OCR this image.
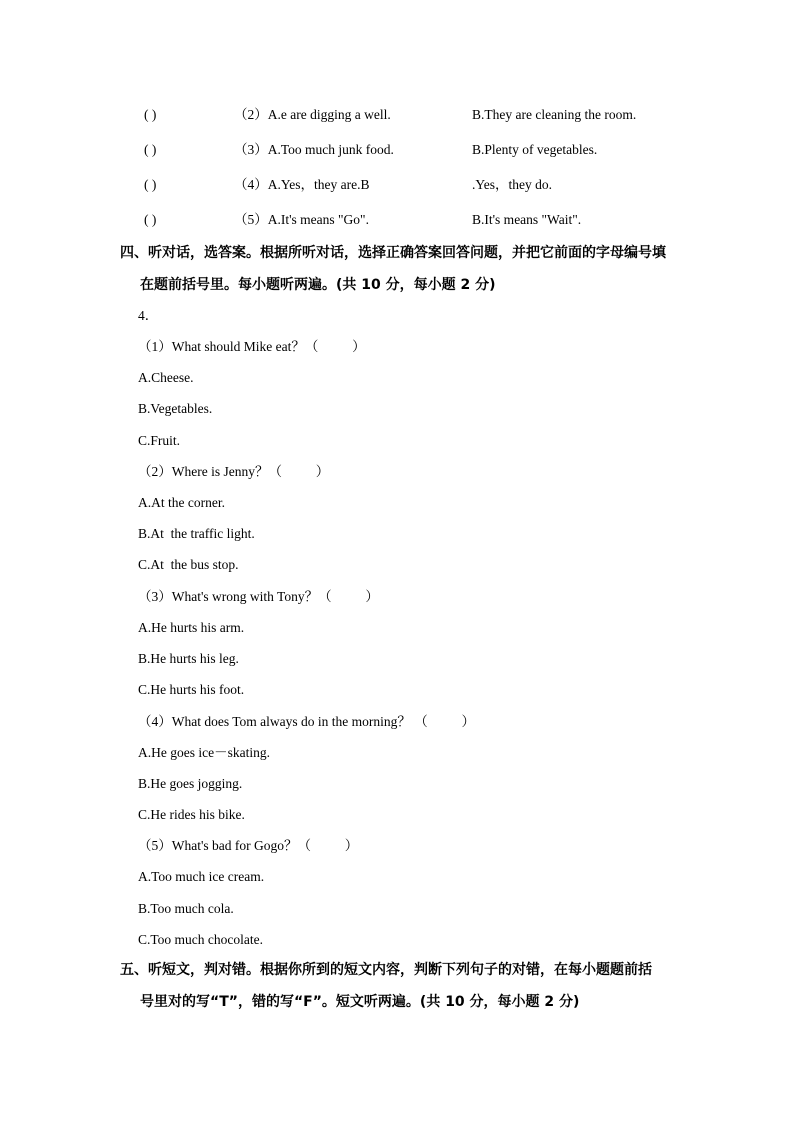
( )	（2）A.e are digging a well.	B.They are cleaning the room.
( )	（3）A.Too much junk food.	B.Plenty of vegetables.
( )	（4）A.Yes，they are.B	.Yes，they do.
( )	（5）A.It's means "Go".	B.It's means "Wait".
四、听对话，选答案。根据所听对话，选择正确答案回答问题，并把它前面的字母编号填
在题前括号里。每小题听两遍。(共 10 分，每小题 2 分)
4．
（1）What should Mike eat？（          ）
A.Cheese.
B.Vegetables.
C.Fruit.
（2）Where is Jenny？（          ）
A.At the corner.
B.At  the traffic light.
C.At  the bus stop.
（3）What's wrong with Tony？（          ）
A.He hurts his arm.
B.He hurts his leg.
C.He hurts his foot.
（4）What does Tom always do in the morning？ （          ）
A.He goes ice－skating.
B.He goes jogging.
C.He rides his bike.
（5）What's bad for Gogo？（          ）
A.Too much ice cream.
B.Too much cola.
C.Too much chocolate.
五、听短文，判对错。根据你所到的短文内容，判断下列句子的对错，在每小题题前括
号里对的写“T”，错的写“F”。短文听两遍。(共 10 分，每小题 2 分)
